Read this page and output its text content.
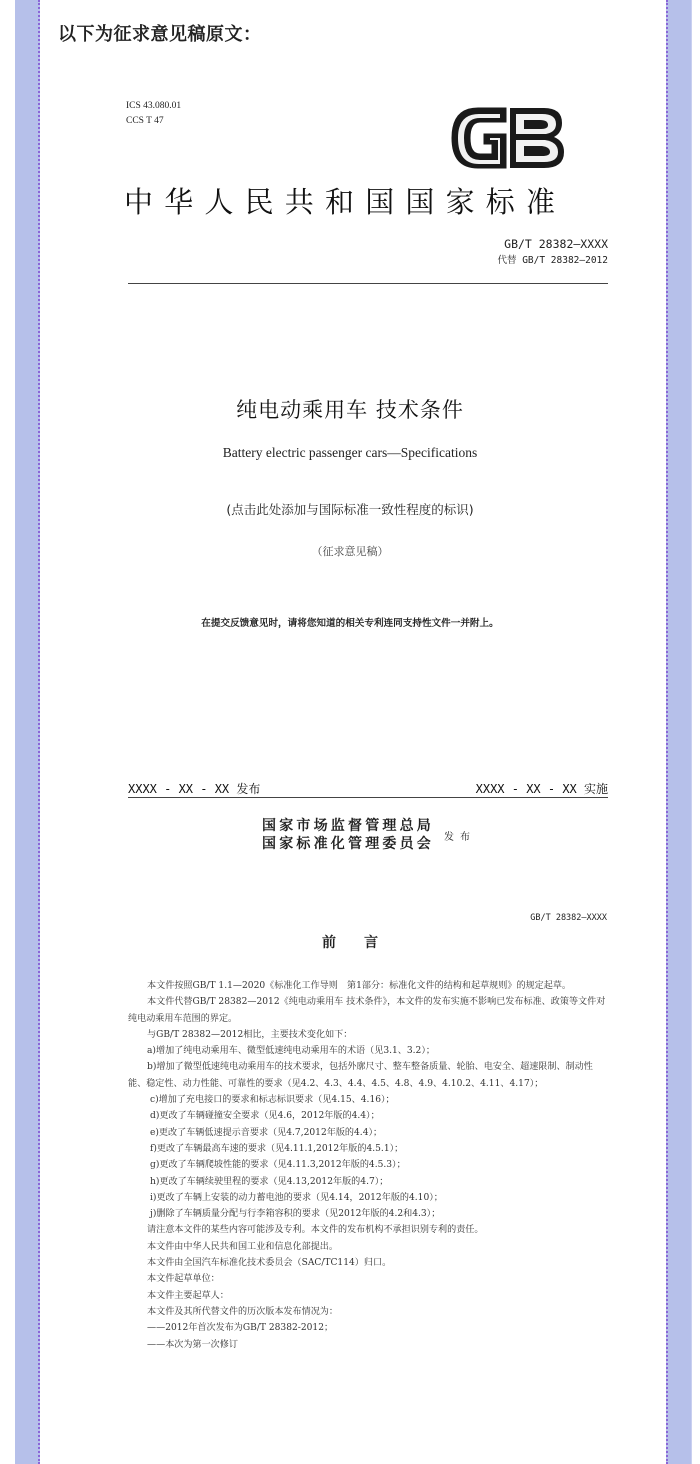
以下为征求意见稿原文：
ICS 43.080.01
CCS T 47
中华人民共和国国家标准
GB/T 28382—XXXX
代替 GB/T 28382—2012
纯电动乘用车 技术条件
Battery electric passenger cars—Specifications
(点击此处添加与国际标准一致性程度的标识)
（征求意见稿）
在提交反馈意见时，请将您知道的相关专利连同支持性文件一并附上。
XXXX - XX - XX 发布	XXXX - XX - XX 实施
国家市场监督管理总局
国家标准化管理委员会 发布
GB/T 28382—XXXX
前言

本文件按照GB/T 1.1—2020《标准化工作导则　第1部分：标准化文件的结构和起草规则》的规定起草。

本文件代替GB/T 28382—2012《纯电动乘用车 技术条件》，本文件的发布实施不影响已发布标准、政策等文件对纯电动乘用车范围的界定。

与GB/T 28382—2012相比，主要技术变化如下：

a)增加了纯电动乘用车、微型低速纯电动乘用车的术语（见3.1、3.2）；

b)增加了微型低速纯电动乘用车的技术要求，包括外廓尺寸、整车整备质量、轮胎、电安全、超速限制、制动性能、稳定性、动力性能、可靠性的要求（见4.2、4.3、4.4、4.5、4.8、4.9、4.10.2、4.11、4.17）；

c)增加了充电接口的要求和标志标识要求（见4.15、4.16）；

d)更改了车辆碰撞安全要求（见4.6，2012年版的4.4）；

e)更改了车辆低速提示音要求（见4.7,2012年版的4.4）；

f)更改了车辆最高车速的要求（见4.11.1,2012年版的4.5.1）；

g)更改了车辆爬坡性能的要求（见4.11.3,2012年版的4.5.3）；

h)更改了车辆续驶里程的要求（见4.13,2012年版的4.7）；

i)更改了车辆上安装的动力蓄电池的要求（见4.14，2012年版的4.10）；

j)删除了车辆质量分配与行李箱容积的要求（见2012年版的4.2和4.3）；

请注意本文件的某些内容可能涉及专利。本文件的发布机构不承担识别专利的责任。

本文件由中华人民共和国工业和信息化部提出。

本文件由全国汽车标准化技术委员会（SAC/TC114）归口。

本文件起草单位：

本文件主要起草人：

本文件及其所代替文件的历次版本发布情况为：

——2012年首次发布为GB/T 28382-2012；

——本次为第一次修订
